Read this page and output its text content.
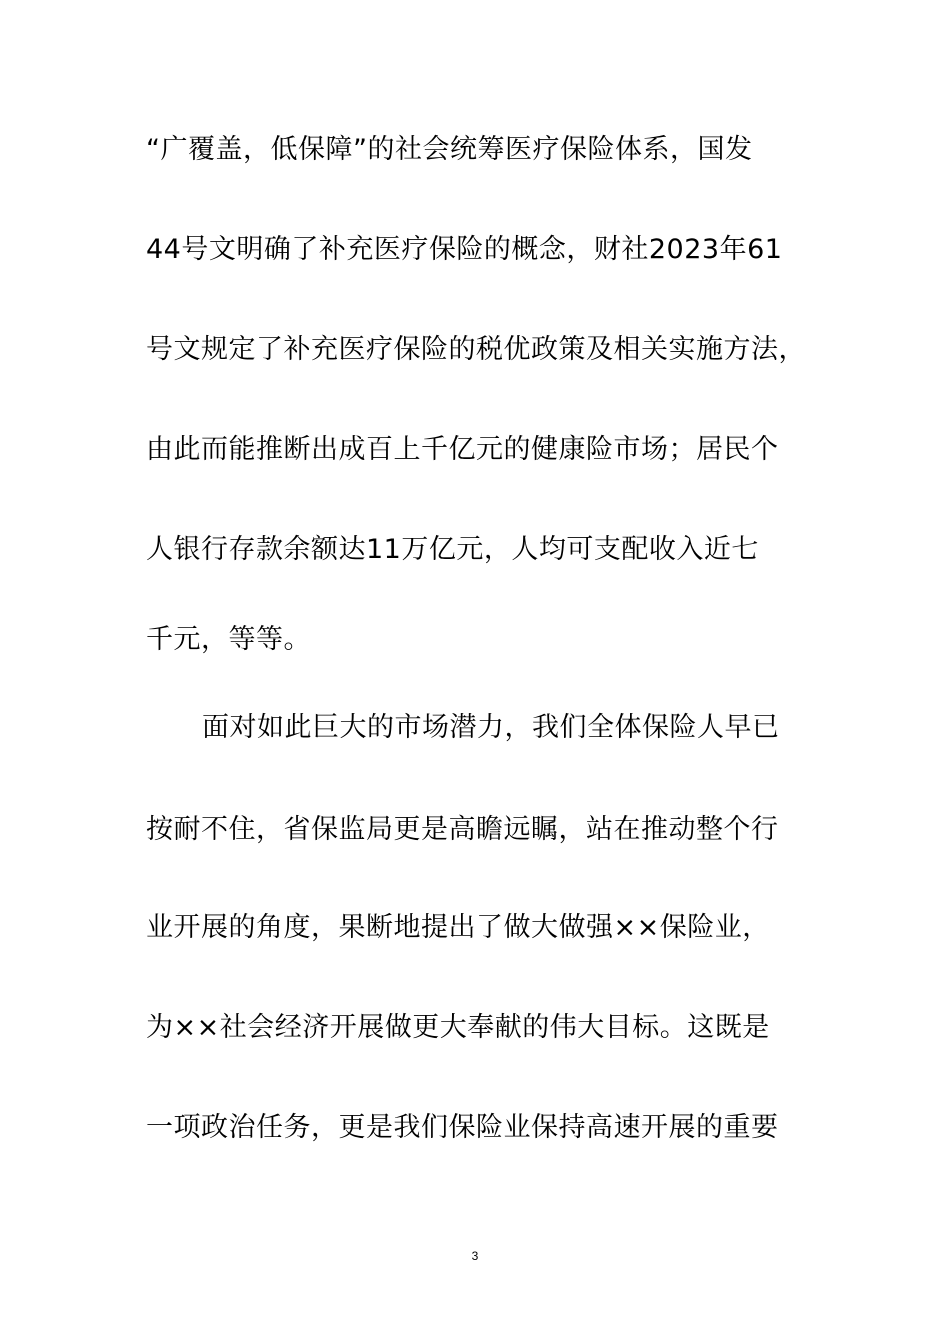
“广覆盖，低保障”的社会统筹医疗保险体系，国发
44号文明确了补充医疗保险的概念，财社2023年61
号文规定了补充医疗保险的税优政策及相关实施方法，
由此而能推断出成百上千亿元的健康险市场；居民个
人银行存款余额达11万亿元，人均可支配收入近七
千元，等等。
面对如此巨大的市场潜力，我们全体保险人早已
按耐不住，省保监局更是高瞻远瞩，站在推动整个行
业开展的角度，果断地提出了做大做强××保险业，
为××社会经济开展做更大奉献的伟大目标。这既是
一项政治任务，更是我们保险业保持高速开展的重要
3
